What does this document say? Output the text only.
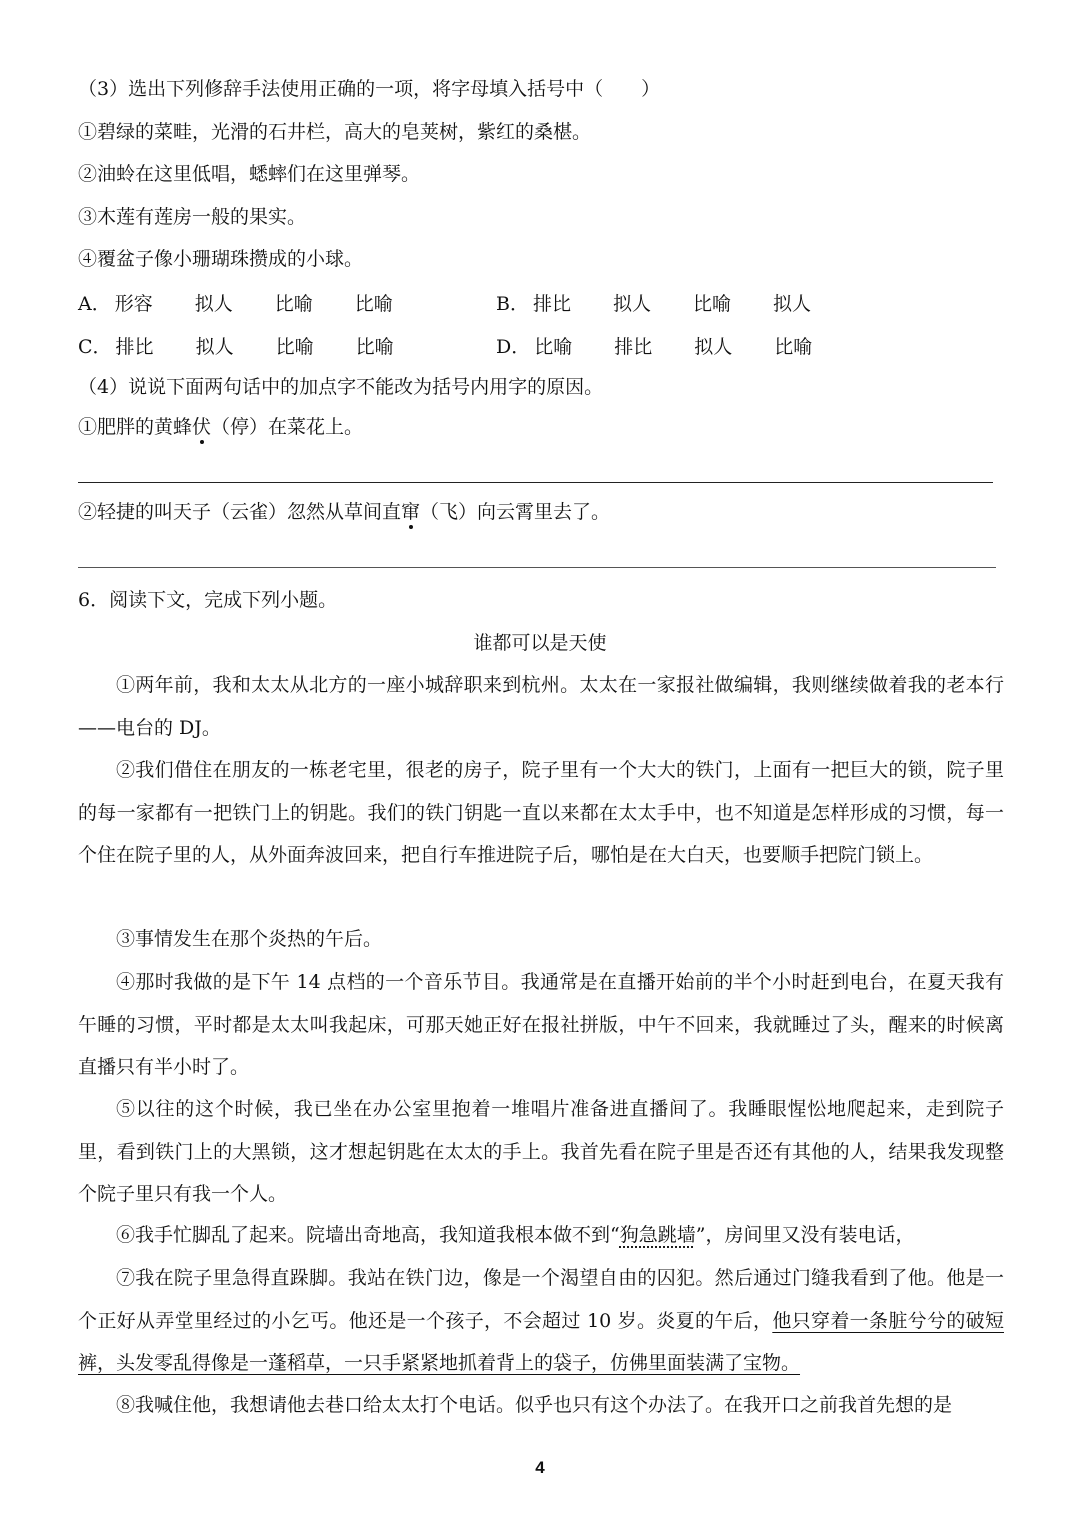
（3）选出下列修辞手法使用正确的一项，将字母填入括号中（　　）
①碧绿的菜畦，光滑的石井栏，高大的皂荚树，紫红的桑椹。
②油蛉在这里低唱，蟋蟀们在这里弹琴。
③木莲有莲房一般的果实。
④覆盆子像小珊瑚珠攒成的小球。
A． 形容 拟人 比喻 比喻	B． 排比 拟人 比喻 拟人
C． 排比 拟人 比喻 比喻	D． 比喻 排比 拟人 比喻
（4）说说下面两句话中的加点字不能改为括号内用字的原因。
①肥胖的黄蜂伏（停）在菜花上。
②轻捷的叫天子（云雀）忽然从草间直窜（飞）向云霄里去了。
6．阅读下文，完成下列小题。
谁都可以是天使
①两年前，我和太太从北方的一座小城辞职来到杭州。太太在一家报社做编辑，我则继续做着我的老本行——电台的 DJ。
②我们借住在朋友的一栋老宅里，很老的房子，院子里有一个大大的铁门，上面有一把巨大的锁，院子里的每一家都有一把铁门上的钥匙。我们的铁门钥匙一直以来都在太太手中，也不知道是怎样形成的习惯，每一个住在院子里的人，从外面奔波回来，把自行车推进院子后，哪怕是在大白天，也要顺手把院门锁上。
③事情发生在那个炎热的午后。
④那时我做的是下午 14 点档的一个音乐节目。我通常是在直播开始前的半个小时赶到电台，在夏天我有午睡的习惯，平时都是太太叫我起床，可那天她正好在报社拼版，中午不回来，我就睡过了头，醒来的时候离直播只有半小时了。
⑤以往的这个时候，我已坐在办公室里抱着一堆唱片准备进直播间了。我睡眼惺忪地爬起来，走到院子里，看到铁门上的大黑锁，这才想起钥匙在太太的手上。我首先看在院子里是否还有其他的人，结果我发现整个院子里只有我一个人。
⑥我手忙脚乱了起来。院墙出奇地高，我知道我根本做不到“狗急跳墙”，房间里又没有装电话，
⑦我在院子里急得直跺脚。我站在铁门边，像是一个渴望自由的囚犯。然后通过门缝我看到了他。他是一个正好从弄堂里经过的小乞丐。他还是一个孩子，不会超过 10 岁。炎夏的午后，他只穿着一条脏兮兮的破短裤，头发零乱得像是一蓬稻草，一只手紧紧地抓着背上的袋子，仿佛里面装满了宝物。
⑧我喊住他，我想请他去巷口给太太打个电话。似乎也只有这个办法了。在我开口之前我首先想的是
4
